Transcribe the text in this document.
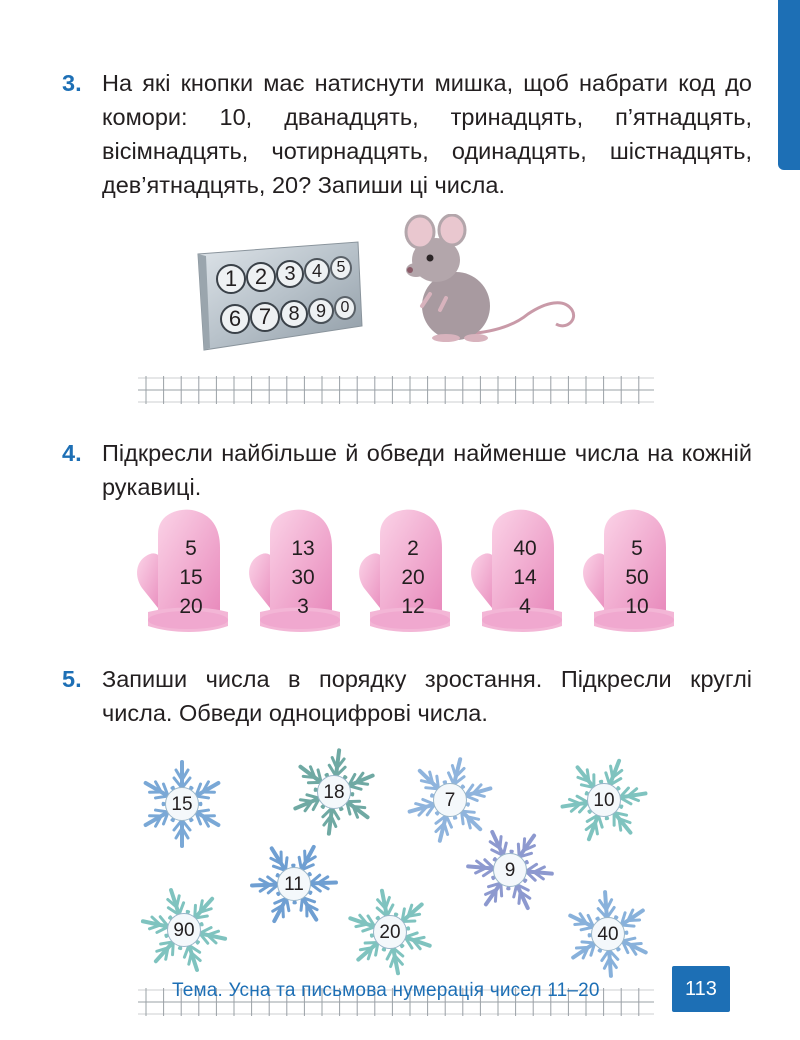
3. На які кнопки має натиснути мишка, щоб набрати код до комори: 10, дванадцять, тринадцять, п’ятнадцять, вісімнадцять, чотирнадцять, одинадцять, шістнадцять, дев’ятнадцять, 20? Запиши ці числа.

1 2 3 4 5
6 7 8 9 0
4. Підкресли найбільше й обведи найменше числа на кожній рукавиці.

5
15
20
13
30
3
2
20
12
40
14
4
5
50
10
5. Запиши числа в порядку зростання. Підкресли круглі числа. Обведи одноцифрові числа.

15
18	7	10
11
9
90	20	40
Тема. Усна та письмова нумерація чисел 11–20	113
